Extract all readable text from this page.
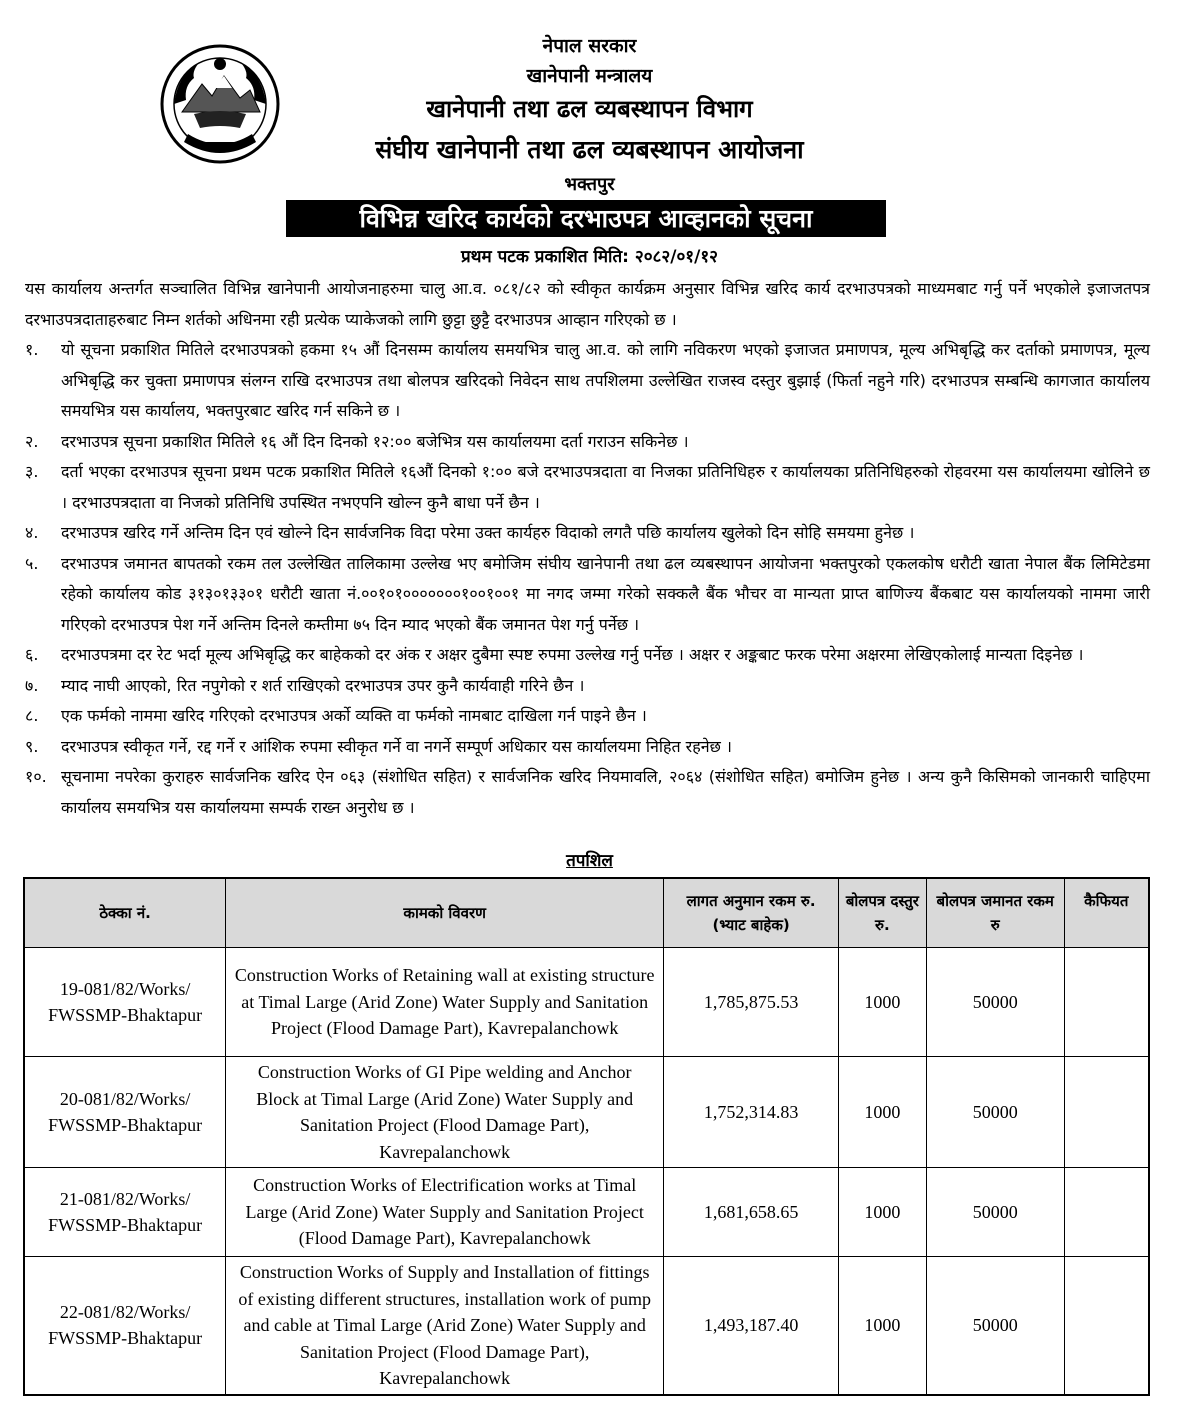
नेपाल सरकार
खानेपानी मन्त्रालय
खानेपानी तथा ढल व्यबस्थापन विभाग
संघीय खानेपानी तथा ढल व्यबस्थापन आयोजना
भक्तपुर
विभिन्न खरिद कार्यको दरभाउपत्र आव्हानको सूचना
प्रथम पटक प्रकाशित मिति: २०८२/०१/१२

यस कार्यालय अन्तर्गत सञ्चालित विभिन्न खानेपानी आयोजनाहरुमा चालु आ.व. ०८१/८२ को स्वीकृत कार्यक्रम अनुसार विभिन्न खरिद कार्य दरभाउपत्रको माध्यमबाट गर्नु पर्ने भएकोले इजाजतपत्र दरभाउपत्रदाताहरुबाट निम्न शर्तको अधिनमा रही प्रत्येक प्याकेजको लागि छुट्टा छुट्टै दरभाउपत्र आव्हान गरिएको छ ।

१.	यो सूचना प्रकाशित मितिले दरभाउपत्रको हकमा १५ औं दिनसम्म कार्यालय समयभित्र चालु आ.व. को लागि नविकरण भएको इजाजत प्रमाणपत्र, मूल्य अभिबृद्धि कर दर्ताको प्रमाणपत्र, मूल्य अभिबृद्धि कर चुक्ता प्रमाणपत्र संलग्न राखि दरभाउपत्र तथा बोलपत्र खरिदको निवेदन साथ तपशिलमा उल्लेखित राजस्व दस्तुर बुझाई (फिर्ता नहुने गरि) दरभाउपत्र सम्बन्धि कागजात कार्यालय समयभित्र यस कार्यालय, भक्तपुरबाट खरिद गर्न सकिने छ ।
२.	दरभाउपत्र सूचना प्रकाशित मितिले १६ औं दिन दिनको १२:०० बजेभित्र यस कार्यालयमा दर्ता गराउन सकिनेछ ।
३.	दर्ता भएका दरभाउपत्र सूचना प्रथम पटक प्रकाशित मितिले १६औं दिनको १:०० बजे दरभाउपत्रदाता वा निजका प्रतिनिधिहरु र कार्यालयका प्रतिनिधिहरुको रोहवरमा यस कार्यालयमा खोलिने छ । दरभाउपत्रदाता वा निजको प्रतिनिधि उपस्थित नभएपनि खोल्न कुनै बाधा पर्ने छैन ।
४.	दरभाउपत्र खरिद गर्ने अन्तिम दिन एवं खोल्ने दिन सार्वजनिक विदा परेमा उक्त कार्यहरु विदाको लगतै पछि कार्यालय खुलेको दिन सोहि समयमा हुनेछ ।
५.	दरभाउपत्र जमानत बापतको रकम तल उल्लेखित तालिकामा उल्लेख भए बमोजिम संघीय खानेपानी तथा ढल व्यबस्थापन आयोजना भक्तपुरको एकलकोष धरौटी खाता नेपाल बैंक लिमिटेडमा रहेको कार्यालय कोड ३१३०१३३०१ धरौटी खाता नं.००१०१०००००००१००१००१ मा नगद जम्मा गरेको सक्कलै बैंक भौचर वा मान्यता प्राप्त बाणिज्य बैंकबाट यस कार्यालयको नाममा जारी गरिएको दरभाउपत्र पेश गर्ने अन्तिम दिनले कम्तीमा ७५ दिन म्याद भएको बैंक जमानत पेश गर्नु पर्नेछ ।
६.	दरभाउपत्रमा दर रेट भर्दा मूल्य अभिबृद्धि कर बाहेकको दर अंक र अक्षर दुबैमा स्पष्ट रुपमा उल्लेख गर्नु पर्नेछ । अक्षर र अङ्कबाट फरक परेमा अक्षरमा लेखिएकोलाई मान्यता दिइनेछ ।
७.	म्याद नाघी आएको, रित नपुगेको र शर्त राखिएको दरभाउपत्र उपर कुनै कार्यवाही गरिने छैन ।
८.	एक फर्मको नाममा खरिद गरिएको दरभाउपत्र अर्को व्यक्ति वा फर्मको नामबाट दाखिला गर्न पाइने छैन ।
९.	दरभाउपत्र स्वीकृत गर्ने, रद्द गर्ने र आंशिक रुपमा स्वीकृत गर्ने वा नगर्ने सम्पूर्ण अधिकार यस कार्यालयमा निहित रहनेछ ।
१०. सूचनामा नपरेका कुराहरु सार्वजनिक खरिद ऐन ०६३ (संशोधित सहित) र सार्वजनिक खरिद नियमावलि, २०६४ (संशोधित सहित) बमोजिम हुनेछ । अन्य कुनै किसिमको जानकारी चाहिएमा कार्यालय समयभित्र यस कार्यालयमा सम्पर्क राख्न अनुरोध छ ।
तपशिल
ठेक्का नं.	कामको विवरण	लागत अनुमान रकम रु. (भ्याट बाहेक)	बोलपत्र दस्तुर रु.	बोलपत्र जमानत रकम रु	कैफियत
19-081/82/Works/ FWSSMP-Bhaktapur	Construction Works of Retaining wall at existing structure at Timal Large (Arid Zone) Water Supply and Sanitation Project (Flood Damage Part), Kavrepalanchowk	1,785,875.53	1000	50000	
20-081/82/Works/ FWSSMP-Bhaktapur	Construction Works of GI Pipe welding and Anchor Block at Timal Large (Arid Zone) Water Supply and Sanitation Project (Flood Damage Part), Kavrepalanchowk	1,752,314.83	1000	50000	
21-081/82/Works/ FWSSMP-Bhaktapur	Construction Works of Electrification works at Timal Large (Arid Zone) Water Supply and Sanitation Project (Flood Damage Part), Kavrepalanchowk	1,681,658.65	1000	50000	
22-081/82/Works/ FWSSMP-Bhaktapur	Construction Works of Supply and Installation of fittings of existing different structures, installation work of pump and cable at Timal Large (Arid Zone) Water Supply and Sanitation Project (Flood Damage Part), Kavrepalanchowk	1,493,187.40	1000	50000	
